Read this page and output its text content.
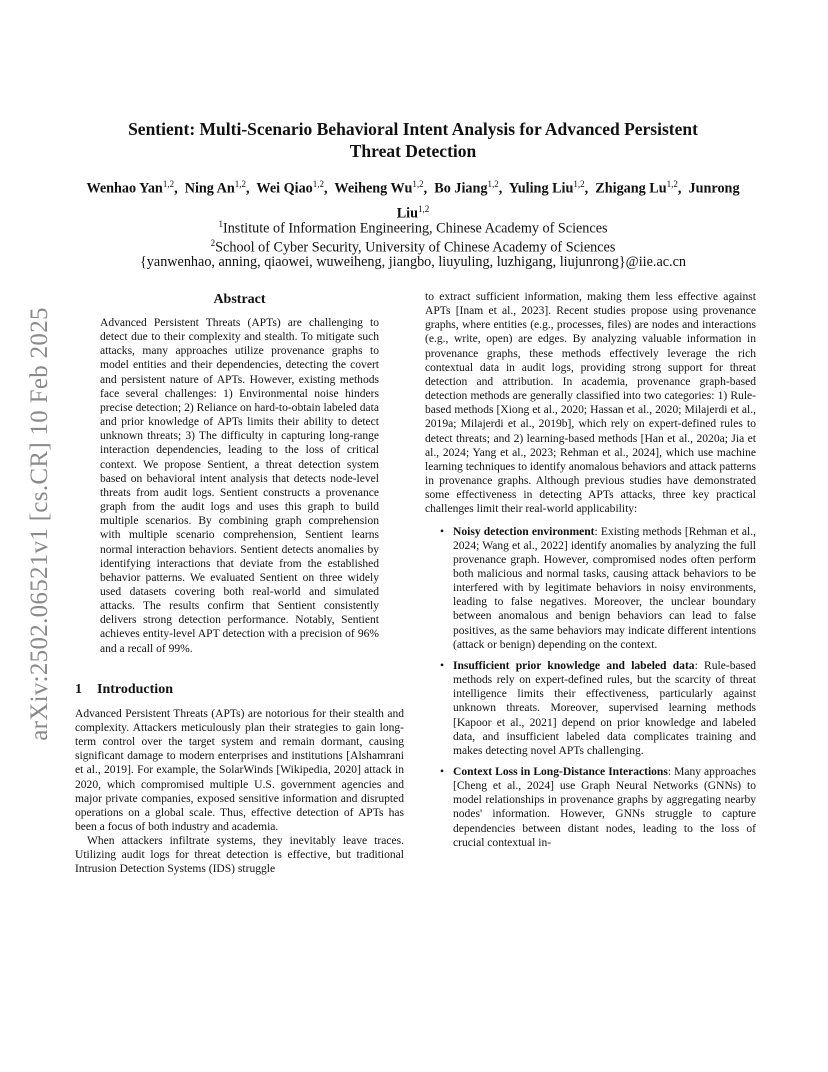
arXiv:2502.06521v1 [cs.CR] 10 Feb 2025
Sentient: Multi-Scenario Behavioral Intent Analysis for Advanced Persistent
Threat Detection
Wenhao Yan$^{1,2}$,  Ning An$^{1,2}$,  Wei Qiao$^{1,2}$,  Weiheng Wu$^{1,2}$,  Bo Jiang$^{1,2}$,  Yuling Liu$^{1,2}$,  Zhigang Lu$^{1,2}$,  Junrong Liu$^{1,2}$
$^1$Institute of Information Engineering, Chinese Academy of Sciences
$^2$School of Cyber Security, University of Chinese Academy of Sciences
{yanwenhao, anning, qiaowei, wuweiheng, jiangbo, liuyuling, luzhigang, liujunrong}@iie.ac.cn
Abstract

Advanced Persistent Threats (APTs) are challenging to detect due to their complexity and stealth. To mitigate such attacks, many approaches utilize provenance graphs to model entities and their dependencies, detecting the covert and persistent nature of APTs. However, existing methods face several challenges: 1) Environmental noise hinders precise detection; 2) Reliance on hard-to-obtain labeled data and prior knowledge of APTs limits their ability to detect unknown threats; 3) The difficulty in capturing long-range interaction dependencies, leading to the loss of critical context. We propose Sentient, a threat detection system based on behavioral intent analysis that detects node-level threats from audit logs. Sentient constructs a provenance graph from the audit logs and uses this graph to build multiple scenarios. By combining graph comprehension with multiple scenario comprehension, Sentient learns normal interaction behaviors. Sentient detects anomalies by identifying interactions that deviate from the established behavior patterns. We evaluated Sentient on three widely used datasets covering both real-world and simulated attacks. The results confirm that Sentient consistently delivers strong detection performance. Notably, Sentient achieves entity-level APT detection with a precision of 96% and a recall of 99%.

1 Introduction

Advanced Persistent Threats (APTs) are notorious for their stealth and complexity. Attackers meticulously plan their strategies to gain long-term control over the target system and remain dormant, causing significant damage to modern enterprises and institutions [Alshamrani et al., 2019]. For example, the SolarWinds [Wikipedia, 2020] attack in 2020, which compromised multiple U.S. government agencies and major private companies, exposed sensitive information and disrupted operations on a global scale. Thus, effective detection of APTs has been a focus of both industry and academia.

When attackers infiltrate systems, they inevitably leave traces. Utilizing audit logs for threat detection is effective, but traditional Intrusion Detection Systems (IDS) struggle

to extract sufficient information, making them less effective against APTs [Inam et al., 2023]. Recent studies propose using provenance graphs, where entities (e.g., processes, files) are nodes and interactions (e.g., write, open) are edges. By analyzing valuable information in provenance graphs, these methods effectively leverage the rich contextual data in audit logs, providing strong support for threat detection and attribution. In academia, provenance graph-based detection methods are generally classified into two categories: 1) Rule-based methods [Xiong et al., 2020; Hassan et al., 2020; Milajerdi et al., 2019a; Milajerdi et al., 2019b], which rely on expert-defined rules to detect threats; and 2) learning-based methods [Han et al., 2020a; Jia et al., 2024; Yang et al., 2023; Rehman et al., 2024], which use machine learning techniques to identify anomalous behaviors and attack patterns in provenance graphs. Although previous studies have demonstrated some effectiveness in detecting APTs attacks, three key practical challenges limit their real-world applicability:

• Noisy detection environment: Existing methods [Rehman et al., 2024; Wang et al., 2022] identify anomalies by analyzing the full provenance graph. However, compromised nodes often perform both malicious and normal tasks, causing attack behaviors to be interfered with by legitimate behaviors in noisy environments, leading to false negatives. Moreover, the unclear boundary between anomalous and benign behaviors can lead to false positives, as the same behaviors may indicate different intentions (attack or benign) depending on the context.
• Insufficient prior knowledge and labeled data: Rule-based methods rely on expert-defined rules, but the scarcity of threat intelligence limits their effectiveness, particularly against unknown threats. Moreover, supervised learning methods [Kapoor et al., 2021] depend on prior knowledge and labeled data, and insufficient labeled data complicates training and makes detecting novel APTs challenging.
• Context Loss in Long-Distance Interactions: Many approaches [Cheng et al., 2024] use Graph Neural Networks (GNNs) to model relationships in provenance graphs by aggregating nearby nodes' information. However, GNNs struggle to capture dependencies between distant nodes, leading to the loss of crucial contextual in-
